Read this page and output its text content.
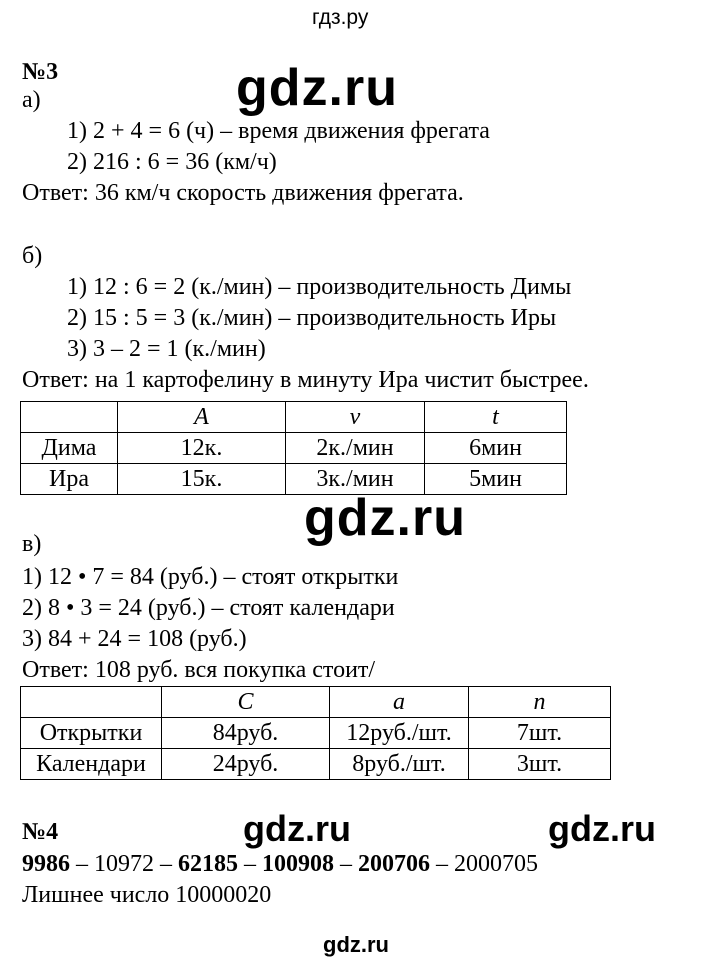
гдз.ру
№3	gdz.ru
а)
1) 2 + 4 = 6 (ч) – время движения фрегата
2) 216 : 6 = 36 (км/ч)
Ответ: 36 км/ч скорость движения фрегата.
б)
1) 12 : 6 = 2 (к./мин) – производительность Димы
2) 15 : 5 = 3 (к./мин) – производительность Иры
3) 3 – 2 = 1 (к./мин)
Ответ: на 1 картофелину в минуту Ира чистит быстрее.
	A	v	t
Дима	12к.	2к./мин	6мин
Ира	15к.	3к./мин	5мин
gdz.ru
в)
1) 12 • 7 = 84 (руб.) – стоят открытки
2) 8 • 3 = 24 (руб.) – стоят календари
3) 84 + 24 = 108 (руб.)
Ответ: 108 руб. вся покупка стоит/
	C	a	n
Открытки	84руб.	12руб./шт.	7шт.
Календари	24руб.	8руб./шт.	3шт.
№4	gdz.ru	gdz.ru
9986 – 10972 – 62185 – 100908 – 200706 – 2000705
Лишнее число 10000020
gdz.ru
